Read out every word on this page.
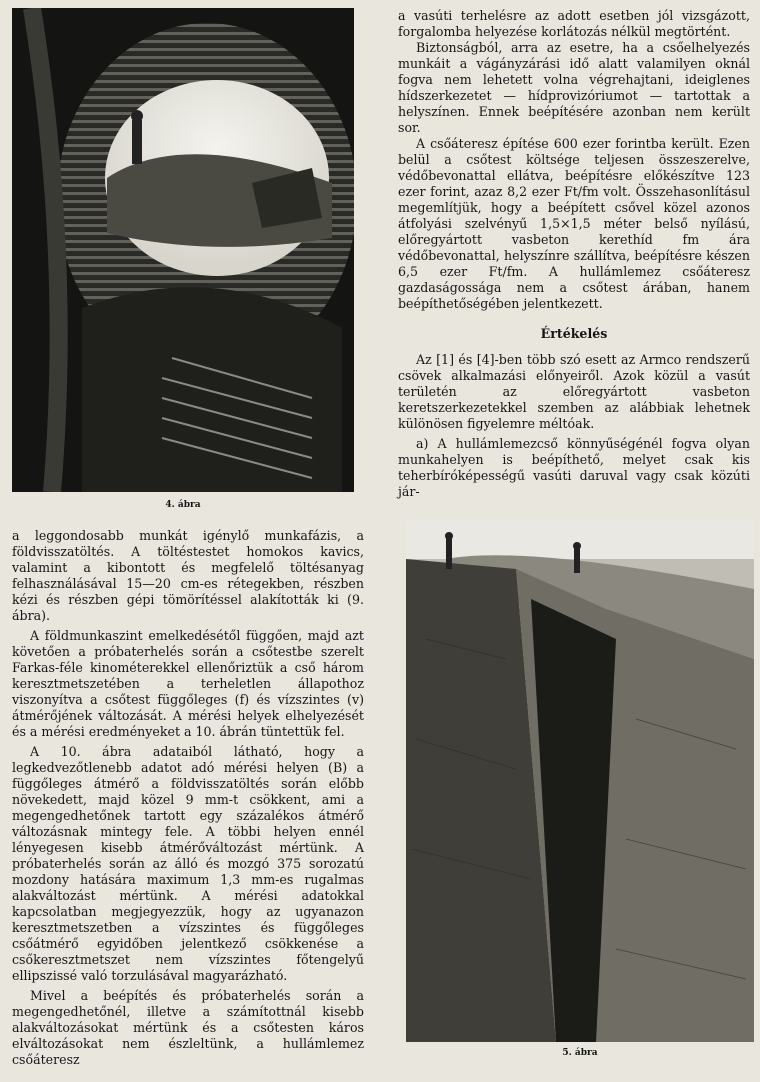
4. ábra

a vasúti terhelésre az adott esetben jól vizsgázott, forgalomba helyezése korlátozás nélkül megtörtént.

Biztonságból, arra az esetre, ha a csőelhelyezés munkáit a vágányzárási idő alatt valamilyen oknál fogva nem lehetett volna végrehajtani, ideiglenes hídszerkezetet — hídprovizóriumot — tartottak a helyszínen. Ennek beépítésére azonban nem került sor.

A csőáteresz építése 600 ezer forintba került. Ezen belül a csőtest költsége teljesen összeszerelve, védőbevonattal ellátva, beépítésre előkészítve 123 ezer forint, azaz 8,2 ezer Ft/fm volt. Összehasonlításul megemlítjük, hogy a beépített csővel közel azonos átfolyási szelvényű 1,5×1,5 méter belső nyílású, előregyártott vasbeton kerethíd fm ára védőbevonattal, helyszínre szállítva, beépítésre készen 6,5 ezer Ft/fm. A hullámlemez csőáteresz gazdaságossága nem a csőtest árában, hanem beépíthetőségében jelentkezett.

Értékelés

Az [1] és [4]-ben több szó esett az Armco rendszerű csövek alkalmazási előnyeiről. Azok közül a vasút területén az előregyártott vasbeton keretszerkezetekkel szemben az alábbiak lehetnek különösen figyelemre méltóak.

a) A hullámlemezcső könnyűségénél fogva olyan munkahelyen is beépíthető, melyet csak kis teherbíróképességű vasúti daruval vagy csak közúti jár-

a leggondosabb munkát igénylő munkafázis, a földvisszatöltés. A töltéstestet homokos kavics, valamint a kibontott és megfelelő töltésanyag felhasználásával 15—20 cm-es rétegekben, részben kézi és részben gépi tömörítéssel alakították ki (9. ábra).

A földmunkaszint emelkedésétől függően, majd azt követően a próbaterhelés során a csőtestbe szerelt Farkas-féle kinométerekkel ellenőriztük a cső három keresztmetszetében a terheletlen állapothoz viszonyítva a csőtest függőleges (f) és vízszintes (v) átmérőjének változását. A mérési helyek elhelyezését és a mérési eredményeket a 10. ábrán tüntettük fel.

A 10. ábra adataiból látható, hogy a legkedvezőtlenebb adatot adó mérési helyen (B) a függőleges átmérő a földvisszatöltés során előbb növekedett, majd közel 9 mm-t csökkent, ami a megengedhetőnek tartott egy százalékos átmérő változásnak mintegy fele. A többi helyen ennél lényegesen kisebb átmérőváltozást mértünk. A próbaterhelés során az álló és mozgó 375 sorozatú mozdony hatására maximum 1,3 mm-es rugalmas alakváltozást mértünk. A mérési adatokkal kapcsolatban megjegyezzük, hogy az ugyanazon keresztmetszetben a vízszintes és függőleges csőátmérő egyidőben jelentkező csökkenése a csőkeresztmetszet nem vízszintes főtengelyű ellipszissé való torzulásával magyarázható.

Mivel a beépítés és próbaterhelés során a megengedhetőnél, illetve a számítottnál kisebb alakváltozásokat mértünk és a csőtesten káros elváltozásokat nem észleltünk, a hullámlemez csőáteresz	5. ábra
